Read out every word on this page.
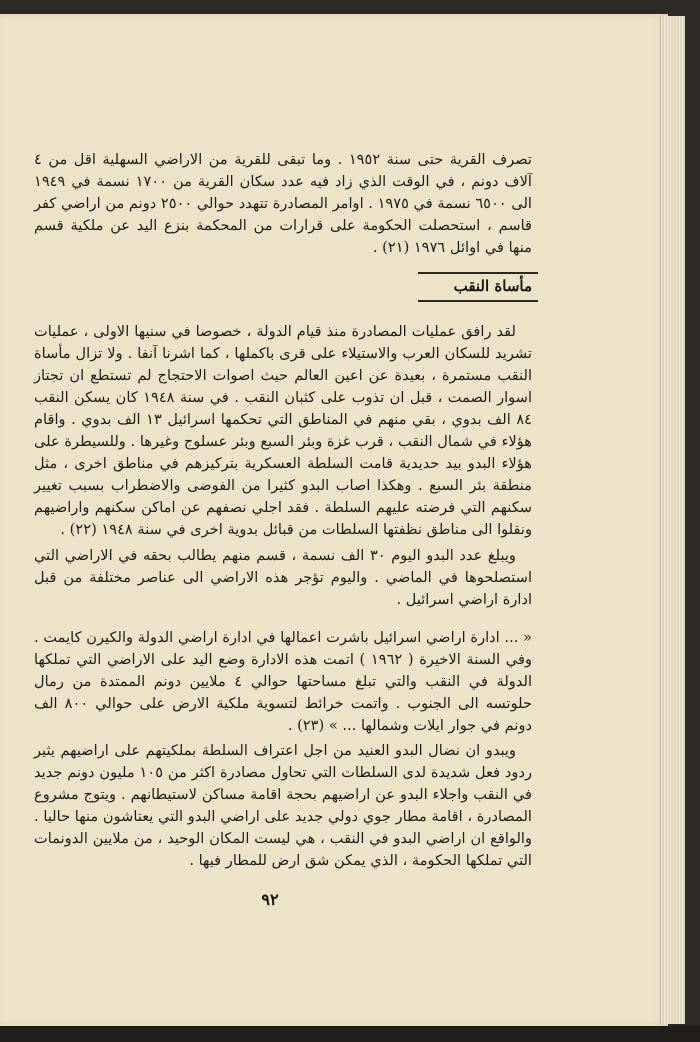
تصرف القرية حتى سنة ١٩٥٢ . وما تبقى للقرية من الاراضي السهلية اقل من ٤ آلاف دونم ، في الوقت الذي زاد فيه عدد سكان القرية من ١٧٠٠ نسمة في ١٩٤٩ الى ٦٥٠٠ نسمة في ١٩٧٥ . اوامر المصادرة تتهدد حوالي ٢٥٠٠ دونم من اراضي كفر قاسم ، استحصلت الحكومة على قرارات من المحكمة بنزع اليد عن ملكية قسم منها في اوائل ١٩٧٦ (٢١) .

مأساة النقب

لقد رافق عمليات المصادرة منذ قيام الدولة ، خصوصا في سنيها الاولى ، عمليات تشريد للسكان العرب والاستيلاء على قرى باكملها ، كما اشرنا آنفا . ولا تزال مأساة النقب مستمرة ، بعيدة عن اعين العالم حيث اصوات الاحتجاج لم تستطع ان تجتاز اسوار الصمت ، قبل ان تذوب على كثبان النقب . في سنة ١٩٤٨ كان يسكن النقب ٨٤ الف بدوي ، بقي منهم في المناطق التي تحكمها اسرائيل ١٣ الف بدوي . واقام هؤلاء في شمال النقب ، قرب غزة وبئر السبع وبئر عسلوج وغيرها . وللسيطرة على هؤلاء البدو بيد حديدية قامت السلطة العسكرية بتركيزهم في مناطق اخرى ، مثل منطقة بئر السبع . وهكذا اصاب البدو كثيرا من الفوضى والاضطراب بسبب تغيير سكنهم التي فرضته عليهم السلطة . فقد اجلي نصفهم عن اماكن سكنهم واراضيهم ونقلوا الى مناطق نظفتها السلطات من قبائل بدوية اخرى في سنة ١٩٤٨ (٢٢) .

ويبلغ عدد البدو اليوم ٣٠ الف نسمة ، قسم منهم يطالب بحقه في الاراضي التي استصلحوها في الماضي . واليوم تؤجر هذه الاراضي الى عناصر مختلفة من قبل ادارة اراضي اسرائيل .

« ... ادارة اراضي اسرائيل باشرت اعمالها في ادارة اراضي الدولة والكيرن كايمت . وفي السنة الاخيرة ( ١٩٦٢ ) اتمت هذه الادارة وضع اليد على الاراضي التي تملكها الدولة في النقب والتي تبلغ مساحتها حوالي ٤ ملايين دونم الممتدة من رمال حلوتسه الى الجنوب . واتمت خرائط لتسوية ملكية الارض على حوالي ٨٠٠ الف دونم في جوار ايلات وشمالها ... » (٢٣) .

ويبدو ان نضال البدو العنيد من اجل اعتراف السلطة بملكيتهم على اراضيهم يثير ردود فعل شديدة لدى السلطات التي تحاول مصادرة اكثر من ١٠٥ مليون دونم جديد في النقب واجلاء البدو عن اراضيهم بحجة اقامة مساكن لاستيطانهم . ويتوج مشروع المصادرة ، اقامة مطار جوي دولي جديد على اراضي البدو التي يعتاشون منها حاليا . والواقع ان اراضي البدو في النقب ، هي ليست المكان الوحيد ، من ملايين الدونمات التي تملكها الحكومة ، الذي يمكن شق ارض للمطار فيها .

٩٢
